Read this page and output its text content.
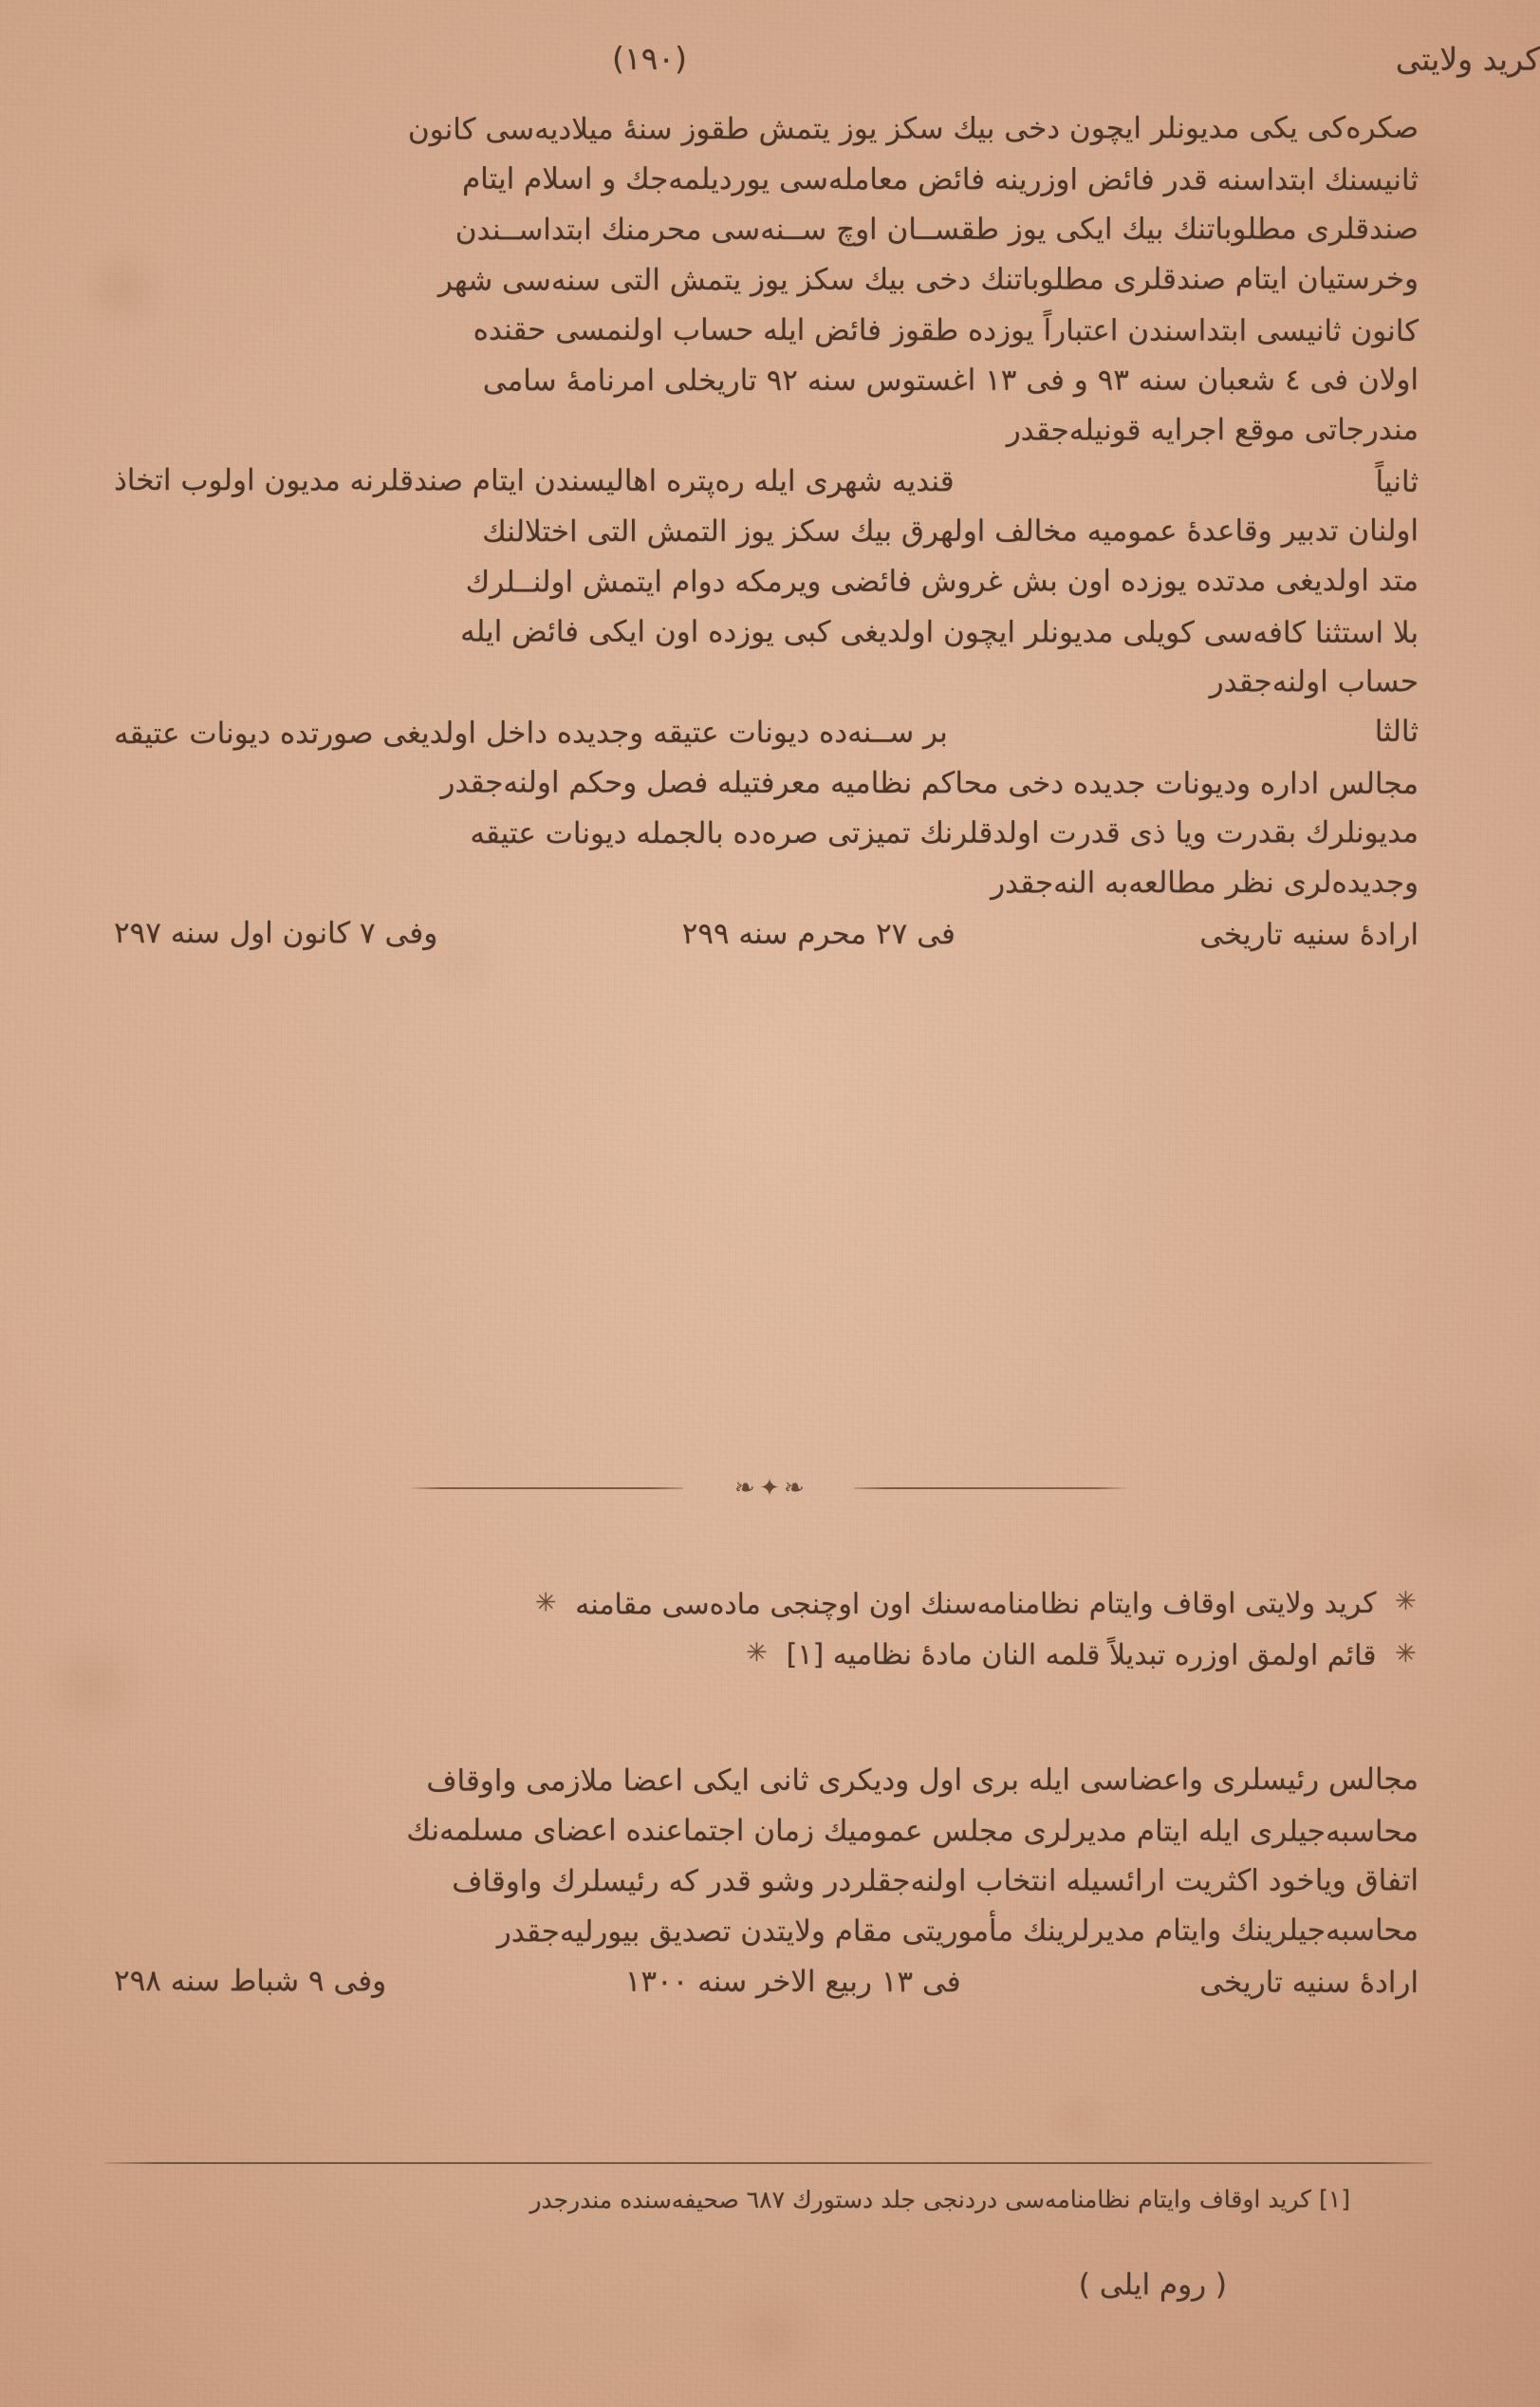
كريد ولايتى
(١٩٠)
صكره‌كى يكى مديونلر ايچون دخى بيك سكز يوز يتمش طقوز سنهٔ ميلاديه‌سى كانون
ثانيسنك ابتداسنه قدر فائض اوزرينه فائض معامله‌سى يورديلمه‌جك و اسلام ايتام
صندقلرى مطلوباتنك بيك ايكى يوز طقســان اوچ ســنه‌سى محرمنك ابتداســندن
وخرستيان ايتام صندقلرى مطلوباتنك دخى بيك سكز يوز يتمش التى سنه‌سى شهر
كانون ثانيسى ابتداسندن اعتباراً يوزده طقوز فائض ايله حساب اولنمسى حقنده
اولان فى ٤ شعبان سنه ٩٣ و فى ١٣ اغستوس سنه ٩٢ تاريخلى امرنامهٔ سامى
مندرجاتى موقع اجرايه قونيله‌جقدر
ثانياً
قنديه شهرى ايله ره‌پتره اهاليسندن ايتام صندقلرنه مديون اولوب اتخاذ
اولنان تدبير وقاعدهٔ عموميه مخالف اولهرق بيك سكز يوز التمش التى اختلالنك
متد اولديغى مدتده يوزده اون بش غروش فائضى ويرمكه دوام ايتمش اولنــلرك
بلا استثنا كافه‌سى كويلى مديونلر ايچون اولديغى كبى يوزده اون ايكى فائض ايله
حساب اولنه‌جقدر
ثالثا
بر ســنه‌ده ديونات عتيقه وجديده داخل اولديغى صورتده ديونات عتيقه
مجالس اداره وديونات جديده دخى محاكم نظاميه معرفتيله فصل وحكم اولنه‌جقدر
مديونلرك بقدرت ويا ذى قدرت اولدقلرنك تميزتى صره‌ده بالجمله ديونات عتيقه
وجديده‌لرى نظر مطالعه‌به النه‌جقدر
ارادهٔ سنيه تاريخى
فى ٢٧ محرم سنه ٢٩٩
وفى ٧ كانون اول سنه ٢٩٧
❧ ✦ ❧
✳ كريد ولايتى اوقاف وايتام نظامنامه‌سنك اون اوچنجى ماده‌سى مقامنه ✳
✳ قائم اولمق اوزره تبديلاً قلمه النان مادهٔ نظاميه [١] ✳
مجالس رئيسلرى واعضاسى ايله برى اول وديكرى ثانى ايكى اعضا ملازمى واوقاف
محاسبه‌جيلرى ايله ايتام مديرلرى مجلس عموميك زمان اجتماعنده اعضاى مسلمه‌نك
اتفاق وياخود اكثريت ارائسيله انتخاب اولنه‌جقلردر وشو قدر كه رئيسلرك واوقاف
محاسبه‌جيلرينك وايتام مديرلرينك مأموريتى مقام ولايتدن تصديق بيورليه‌جقدر
ارادهٔ سنيه تاريخى
فى ١٣ ربيع الاخر سنه ١٣٠٠
وفى ٩ شباط سنه ٢٩٨
[١] كريد اوقاف وايتام نظامنامه‌سى دردنجى جلد دستورك ٦٨٧ صحيفه‌سنده مندرجدر
( روم ايلى )
